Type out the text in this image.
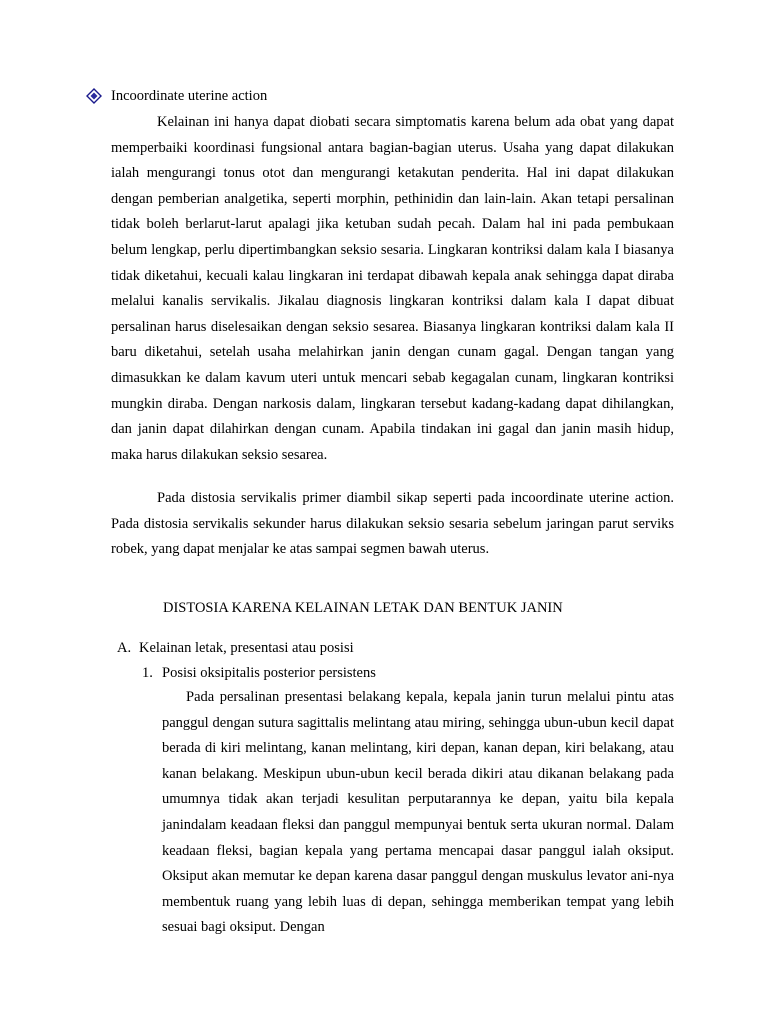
Incoordinate uterine action

Kelainan ini hanya dapat diobati secara simptomatis karena belum ada obat yang dapat memperbaiki koordinasi fungsional antara bagian-bagian uterus. Usaha yang dapat dilakukan ialah mengurangi tonus otot dan mengurangi ketakutan penderita. Hal ini dapat dilakukan dengan pemberian analgetika, seperti morphin, pethinidin dan lain-lain. Akan tetapi persalinan tidak boleh berlarut-larut apalagi jika ketuban sudah pecah. Dalam hal ini pada pembukaan belum lengkap, perlu dipertimbangkan seksio sesaria. Lingkaran kontriksi dalam kala I biasanya tidak diketahui, kecuali kalau lingkaran ini terdapat dibawah kepala anak sehingga dapat diraba melalui kanalis servikalis. Jikalau diagnosis lingkaran kontriksi dalam kala I dapat dibuat persalinan harus diselesaikan dengan seksio sesarea. Biasanya lingkaran kontriksi dalam kala II baru diketahui, setelah usaha melahirkan janin dengan cunam gagal. Dengan tangan yang dimasukkan ke dalam kavum uteri untuk mencari sebab kegagalan cunam, lingkaran kontriksi mungkin diraba. Dengan narkosis dalam, lingkaran tersebut kadang-kadang dapat dihilangkan, dan janin dapat dilahirkan dengan cunam. Apabila tindakan ini gagal dan janin masih hidup, maka harus dilakukan seksio sesarea.

Pada distosia servikalis primer diambil sikap seperti pada incoordinate uterine action. Pada distosia servikalis sekunder harus dilakukan seksio sesaria sebelum jaringan parut serviks robek, yang dapat menjalar ke atas sampai segmen bawah uterus.

DISTOSIA KARENA KELAINAN LETAK DAN BENTUK JANIN
A. Kelainan letak, presentasi atau posisi
1. Posisi oksipitalis posterior persistens

Pada persalinan presentasi belakang kepala, kepala janin turun melalui pintu atas panggul dengan sutura sagittalis melintang atau miring, sehingga ubun-ubun kecil dapat berada di kiri melintang, kanan melintang, kiri depan, kanan depan, kiri belakang, atau kanan belakang. Meskipun ubun-ubun kecil berada dikiri atau dikanan belakang pada umumnya tidak akan terjadi kesulitan perputarannya ke depan, yaitu bila kepala janindalam keadaan fleksi dan panggul mempunyai bentuk serta ukuran normal. Dalam keadaan fleksi, bagian kepala yang pertama mencapai dasar panggul ialah oksiput. Oksiput akan memutar ke depan karena dasar panggul dengan muskulus levator ani-nya membentuk ruang yang lebih luas di depan, sehingga memberikan tempat yang lebih sesuai bagi oksiput. Dengan
